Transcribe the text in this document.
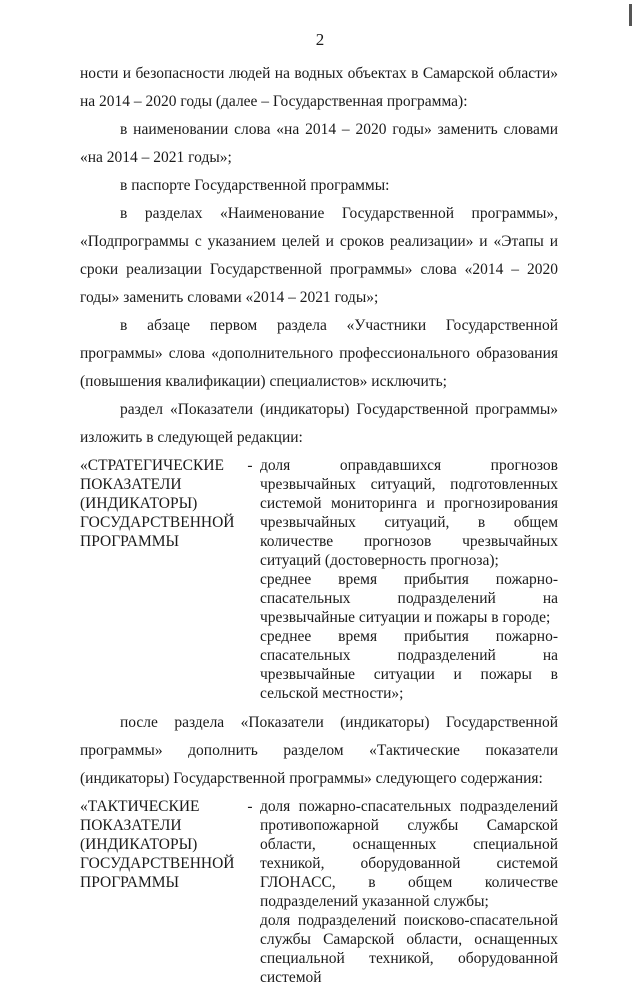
2

ности и безопасности людей на водных объектах в Самарской области» на 2014 – 2020 годы (далее – Государственная программа):

в наименовании слова «на 2014 – 2020 годы» заменить словами «на 2014 – 2021 годы»;

в паспорте Государственной программы:

в разделах «Наименование Государственной программы», «Подпрограммы с указанием целей и сроков реализации» и «Этапы и сроки реализации Государственной программы» слова «2014 – 2020 годы» заменить словами «2014 – 2021 годы»;

в абзаце первом раздела «Участники Государственной программы» слова «дополнительного профессионального образования (повышения квалификации) специалистов» исключить;

раздел «Показатели (индикаторы) Государственной программы» изложить в следующей редакции:

«СТРАТЕГИЧЕСКИЕ ПОКАЗАТЕЛИ (ИНДИКАТОРЫ) ГОСУДАРСТВЕННОЙ ПРОГРАММЫ
- доля оправдавшихся прогнозов чрезвычайных ситуаций, подготовленных системой мониторинга и прогнозирования чрезвычайных ситуаций, в общем количестве прогнозов чрезвычайных ситуаций (достоверность прогноза);

среднее время прибытия пожарно-спасательных подразделений на чрезвычайные ситуации и пожары в городе;

среднее время прибытия пожарно-спасательных подразделений на чрезвычайные ситуации и пожары в сельской местности»;

после раздела «Показатели (индикаторы) Государственной программы» дополнить разделом «Тактические показатели (индикаторы) Государственной программы» следующего содержания:

«ТАКТИЧЕСКИЕ ПОКАЗАТЕЛИ (ИНДИКАТОРЫ) ГОСУДАРСТВЕННОЙ ПРОГРАММЫ
- доля пожарно-спасательных подразделений противопожарной службы Самарской области, оснащенных специальной техникой, оборудованной системой ГЛОНАСС, в общем количестве подразделений указанной службы;

доля подразделений поисково-спасательной службы Самарской области, оснащенных специальной техникой, оборудованной системой
